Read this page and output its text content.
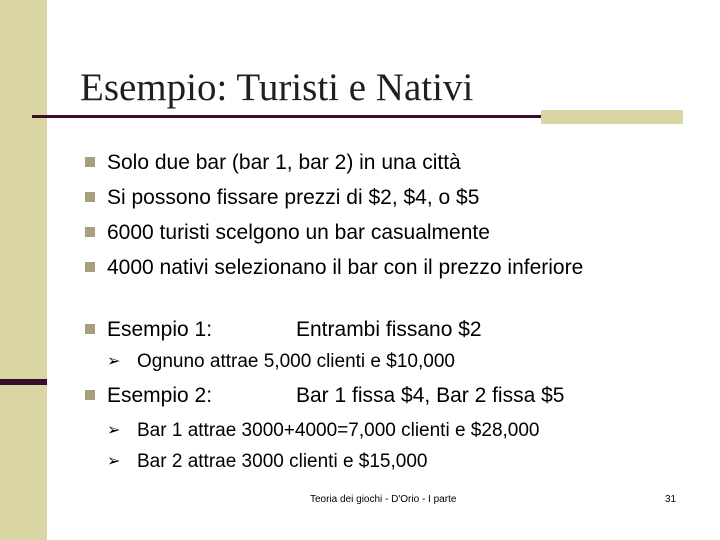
Esempio: Turisti e Nativi
Solo due bar (bar 1, bar 2) in una città
Si possono fissare prezzi di $2, $4, o $5
6000 turisti scelgono un bar casualmente
4000 nativi selezionano il bar con il prezzo inferiore
Esempio 1:	Entrambi fissano $2
➢ Ognuno attrae 5,000 clienti e $10,000
Esempio 2:	Bar 1 fissa $4, Bar 2 fissa $5
➢ Bar 1 attrae 3000+4000=7,000 clienti e $28,000
➢ Bar 2 attrae 3000 clienti e $15,000
Teoria dei giochi - D'Orio - I parte	31
